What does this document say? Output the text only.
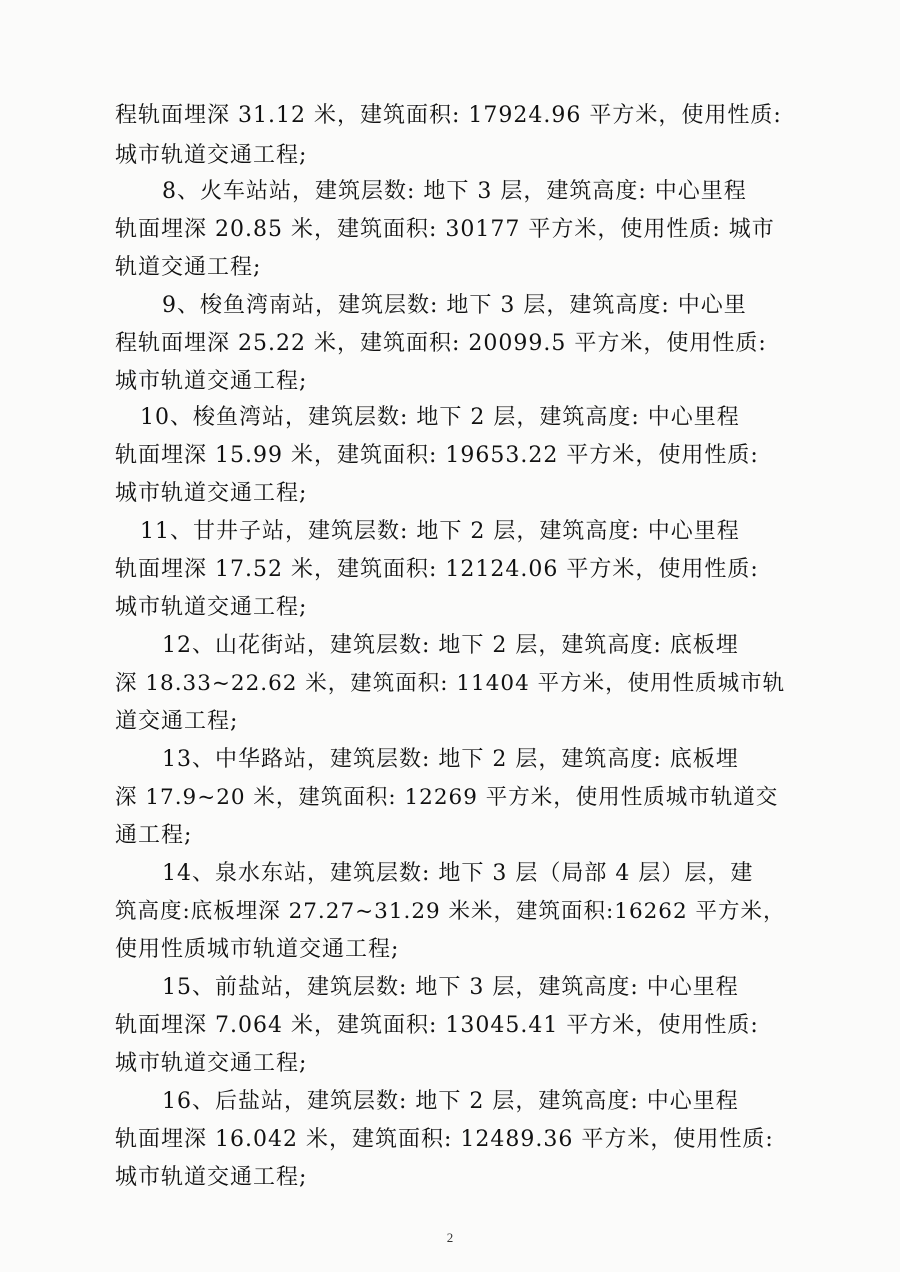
程轨面埋深 31.12 米，建筑面积: 17924.96 平方米，使用性质:
城市轨道交通工程;
8、火车站站，建筑层数: 地下 3 层，建筑高度: 中心里程
轨面埋深 20.85 米，建筑面积: 30177 平方米，使用性质: 城市
轨道交通工程;
9、梭鱼湾南站，建筑层数: 地下 3 层，建筑高度: 中心里
程轨面埋深 25.22 米，建筑面积: 20099.5 平方米，使用性质:
城市轨道交通工程;
10、梭鱼湾站，建筑层数: 地下 2 层，建筑高度: 中心里程
轨面埋深 15.99 米，建筑面积: 19653.22 平方米，使用性质:
城市轨道交通工程;
11、甘井子站，建筑层数: 地下 2 层，建筑高度: 中心里程
轨面埋深 17.52 米，建筑面积: 12124.06 平方米，使用性质:
城市轨道交通工程;
12、山花街站，建筑层数: 地下 2 层，建筑高度: 底板埋
深 18.33~22.62 米，建筑面积: 11404 平方米，使用性质城市轨
道交通工程;
13、中华路站，建筑层数: 地下 2 层，建筑高度: 底板埋
深 17.9~20 米，建筑面积: 12269 平方米，使用性质城市轨道交
通工程;
14、泉水东站，建筑层数: 地下 3 层（局部 4 层）层，建
筑高度:底板埋深 27.27~31.29 米米，建筑面积:16262 平方米，
使用性质城市轨道交通工程;
15、前盐站，建筑层数: 地下 3 层，建筑高度: 中心里程
轨面埋深 7.064 米，建筑面积: 13045.41 平方米，使用性质:
城市轨道交通工程;
16、后盐站，建筑层数: 地下 2 层，建筑高度: 中心里程
轨面埋深 16.042 米，建筑面积: 12489.36 平方米，使用性质:
城市轨道交通工程;
2
